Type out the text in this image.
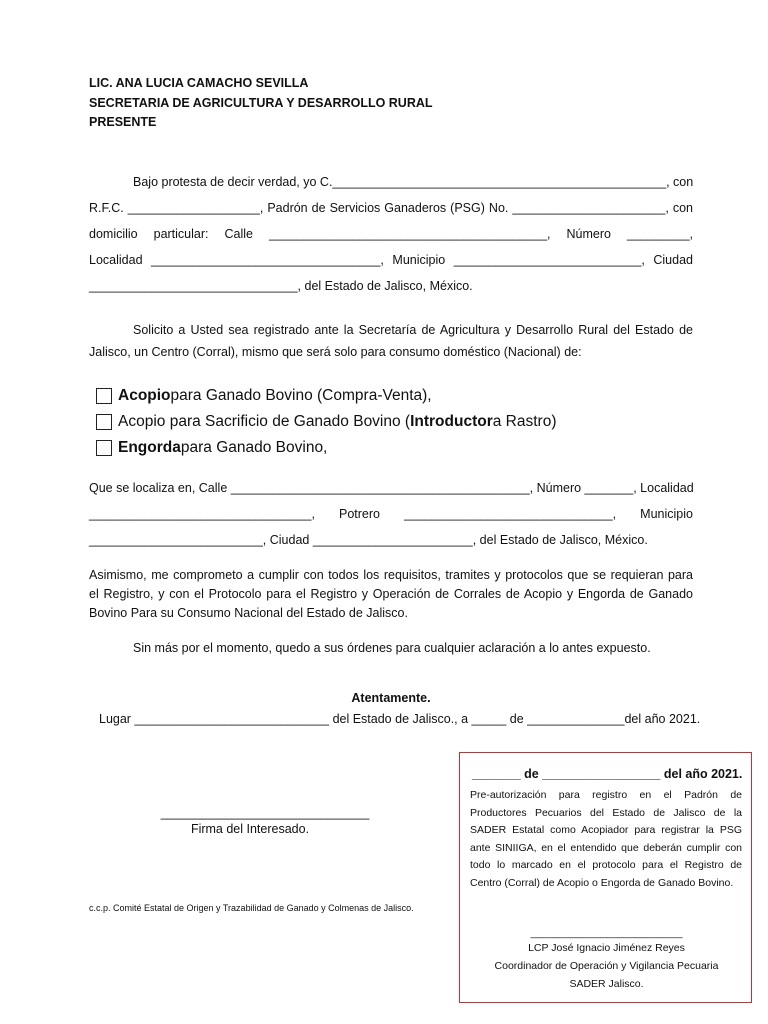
LIC. ANA LUCIA CAMACHO SEVILLA
SECRETARIA DE AGRICULTURA Y DESARROLLO RURAL
PRESENTE
Bajo protesta de decir verdad, yo C.________________________________________________, con
R.F.C. ___________________, Padrón de Servicios Ganaderos (PSG) No. ______________________, con
domicilio particular: Calle ________________________________________, Número _________,
Localidad _________________________________, Municipio ___________________________, Ciudad
______________________________, del Estado de Jalisco, México.
Solicito a Usted sea registrado ante la Secretaría de Agricultura y Desarrollo Rural del Estado de
Jalisco, un Centro (Corral), mismo que será solo para consumo doméstico (Nacional) de:
Acopio para Ganado Bovino (Compra-Venta),
Acopio para Sacrificio de Ganado Bovino ( Introductor a Rastro)
Engorda para Ganado Bovino,
Que se localiza en, Calle ___________________________________________, Número _______, Localidad
________________________________, Potrero ______________________________, Municipio
_________________________, Ciudad _______________________, del Estado de Jalisco, México.
Asimismo, me comprometo a cumplir con todos los requisitos, tramites y protocolos que se requieran para
el Registro, y con el Protocolo para el Registro y Operación de Corrales de Acopio y Engorda de Ganado
Bovino Para su Consumo Nacional del Estado de Jalisco.
Sin más por el momento, quedo a sus órdenes para cualquier aclaración a lo antes expuesto.
Atentamente.
Lugar ____________________________ del Estado de Jalisco., a _____ de ______________del año 2021.
______________________________
Firma del Interesado.
c.c.p. Comité Estatal de Origen y Trazabilidad de Ganado y Colmenas de Jalisco.
_______ de _________________ del año 2021.
Pre-autorización para registro en el Padrón de Productores Pecuarios del Estado de Jalisco de la SADER Estatal como Acopiador para registrar la PSG ante SINIIGA, en el entendido que deberán cumplir con todo lo marcado en el protocolo para el Registro de Centro (Corral) de Acopio o Engorda de Ganado Bovino.
__________________________
LCP José Ignacio Jiménez Reyes
Coordinador de Operación y Vigilancia Pecuaria
SADER Jalisco.
